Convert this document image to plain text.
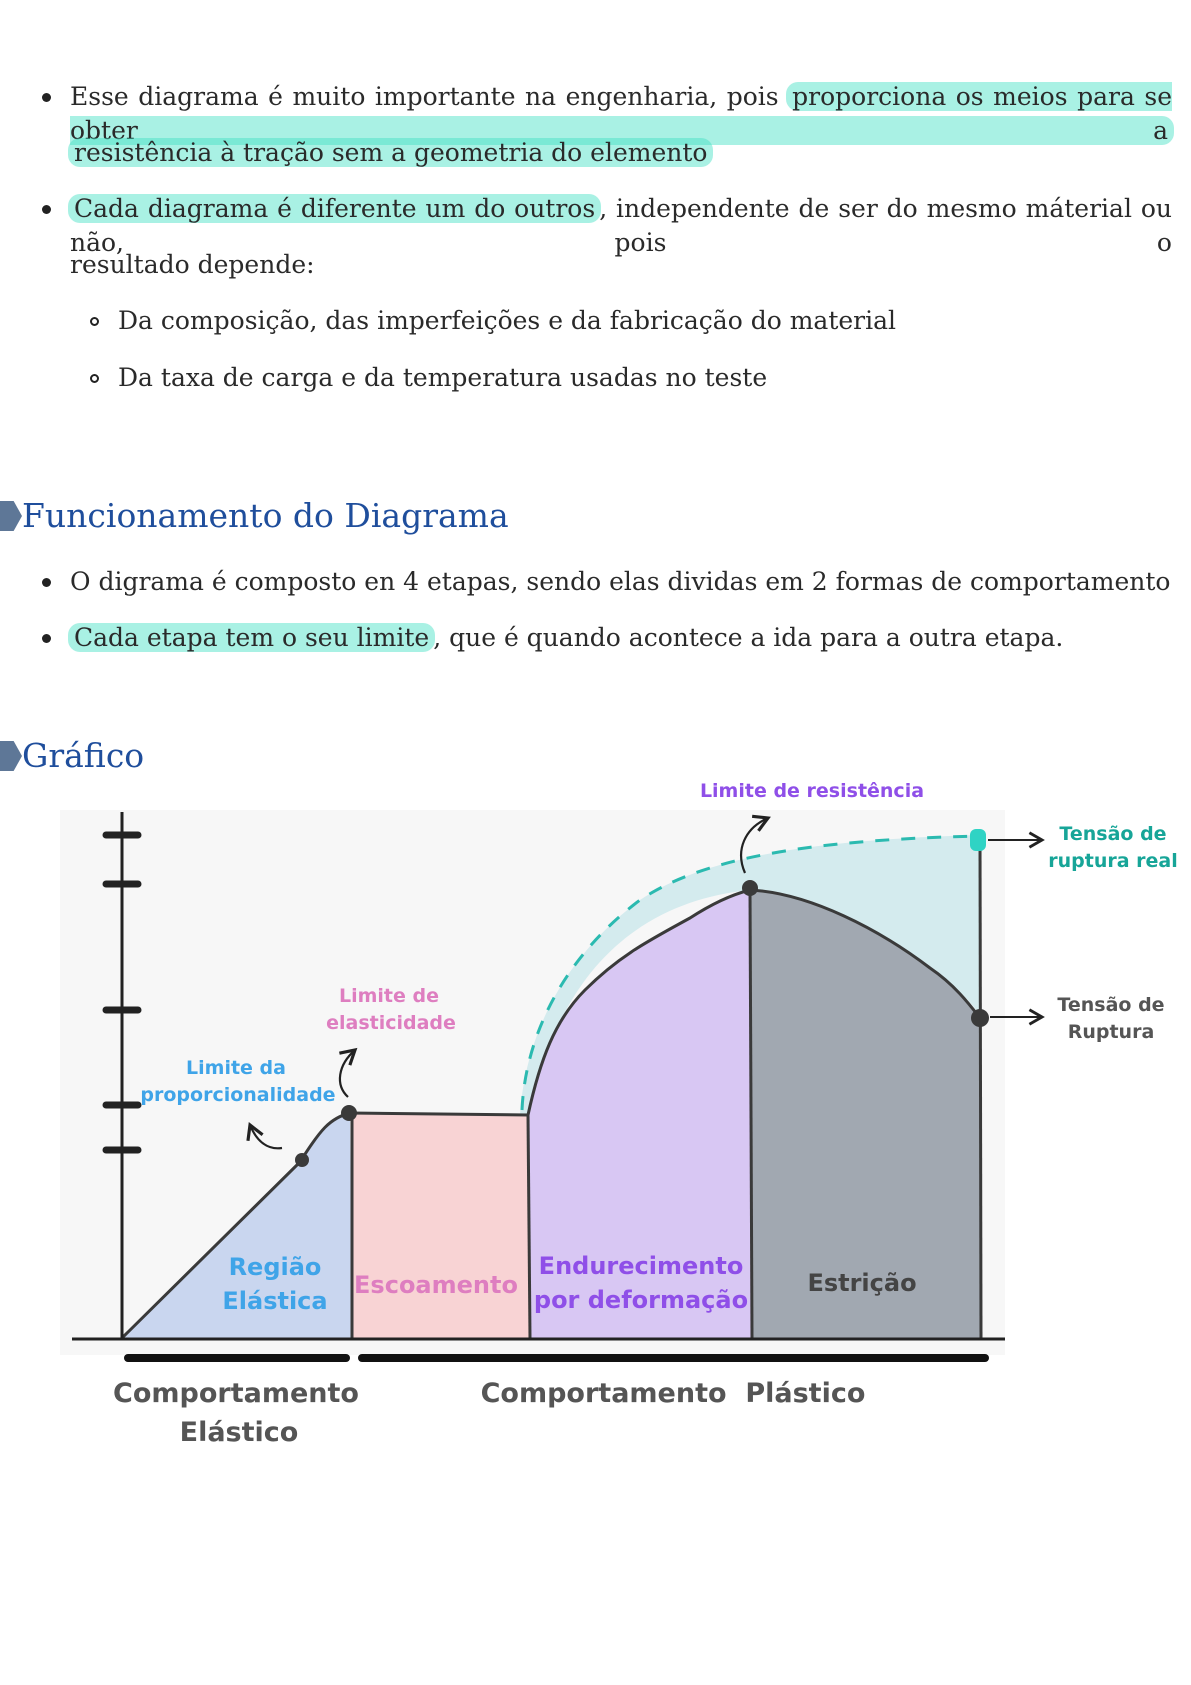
Esse diagrama é muito importante na engenharia, pois proporciona os meios para se obter a
resistência à tração sem a geometria do elemento
Cada diagrama é diferente um do outros , independente de ser do mesmo máterial ou não, pois o
resultado depende:
Da composição, das imperfeições e da fabricação do material
Da taxa de carga e da temperatura usadas no teste
Funcionamento do Diagrama
O digrama é composto en 4 etapas, sendo elas dividas em 2 formas de comportamento
Cada etapa tem o seu limite , que é quando acontece a ida para a outra etapa.
Gráfico
Região
Elástica
Escoamento
Endurecimento
por deformação
Estrição
Limite da
proporcionalidade
Limite de
elasticidade
Limite de resistência
Tensão de
ruptura real
Tensão de
Ruptura
Comportamento
Elástico
Comportamento  Plástico
